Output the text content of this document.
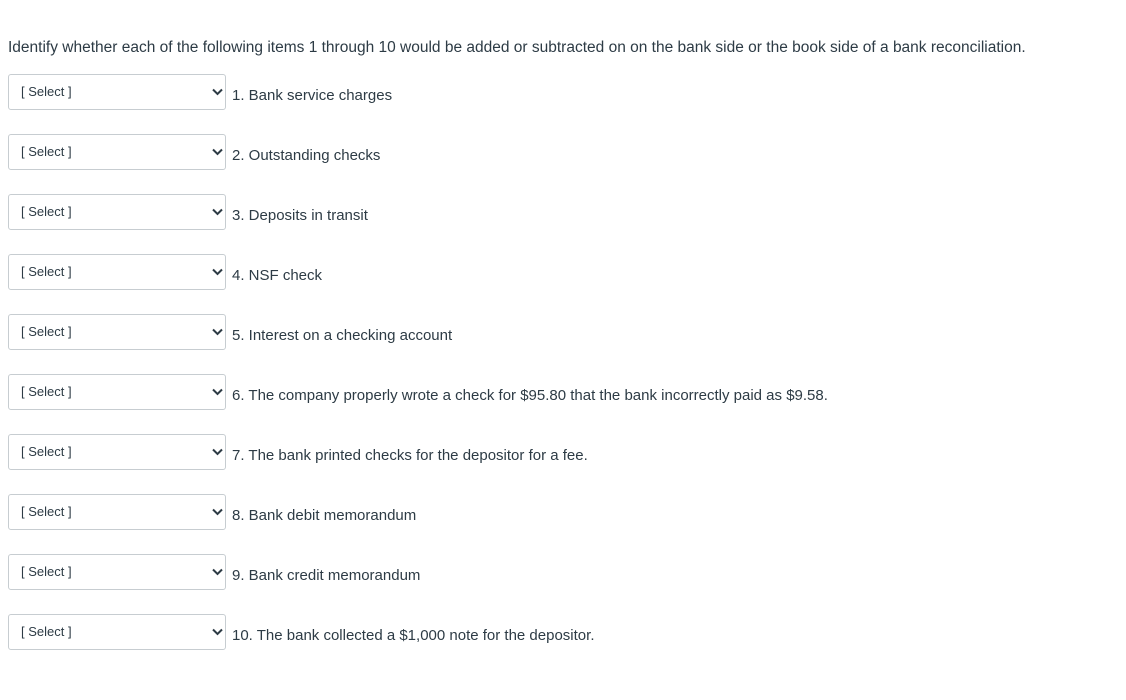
Identify whether each of the following items 1 through 10 would be added or subtracted on on the bank side or the book side of a bank reconciliation.
[ Select ]	1. Bank service charges
[ Select ]	2. Outstanding checks
[ Select ]	3. Deposits in transit
[ Select ]	4. NSF check
[ Select ]	5. Interest on a checking account
[ Select ]	6. The company properly wrote a check for $95.80 that the bank incorrectly paid as $9.58.
[ Select ]	7. The bank printed checks for the depositor for a fee.
[ Select ]	8. Bank debit memorandum
[ Select ]	9. Bank credit memorandum
[ Select ]	10. The bank collected a $1,000 note for the depositor.
